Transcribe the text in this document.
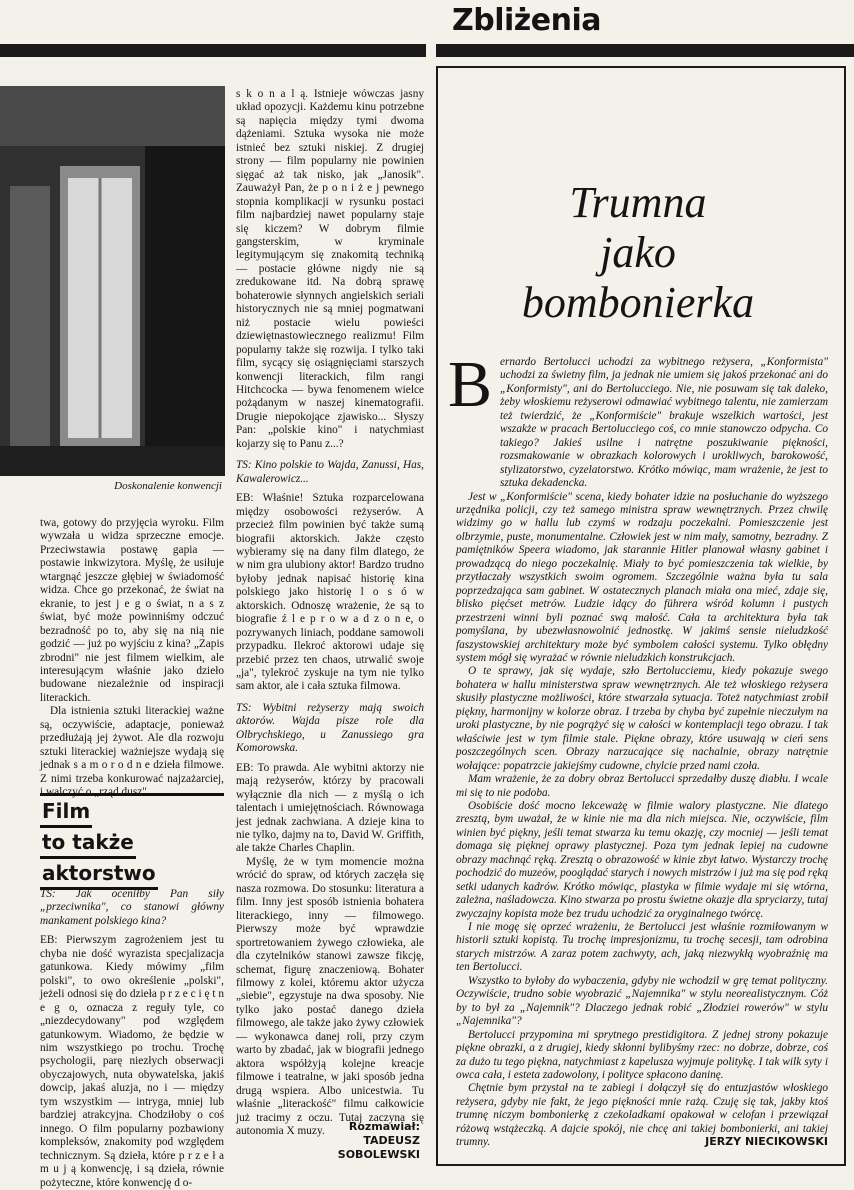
Zbliżenia
Doskonalenie konwencji

s k o n a l ą. Istnieje wówczas jasny układ opozycji. Każdemu kinu potrzebne są napięcia między tymi dwoma dążeniami. Sztuka wysoka nie może istnieć bez sztuki niskiej. Z drugiej strony — film popularny nie powinien sięgać aż tak nisko, jak „Janosik". Zauważył Pan, że p o n i ż e j pewnego stopnia komplikacji w rysunku postaci film najbardziej nawet popularny staje się kiczem? W dobrym filmie gangsterskim, w kryminale legitymującym się znakomitą techniką — postacie główne nigdy nie są zredukowane itd. Na dobrą sprawę bohaterowie słynnych angielskich seriali historycznych nie są mniej pogmatwani niż postacie wielu powieści dziewiętnastowiecznego realizmu! Film popularny także się rozwija. I tylko taki film, sycący się osiągnięciami starszych konwencji literackich, film rangi Hitchcocka — bywa fenomenem wielce pożądanym w naszej kinematografii. Drugie niepokojące zjawisko... Słyszy Pan: „polskie kino" i natychmiast kojarzy się to Panu z...?

TS: Kino polskie to Wajda, Zanussi, Has, Kawalerowicz...

EB: Właśnie! Sztuka rozparcelowana między osobowości reżyserów. A przecież film powinien być także sumą biografii aktorskich. Jakże często wybieramy się na dany film dlatego, że w nim gra ulubiony aktor! Bardzo trudno byłoby jednak napisać historię kina polskiego jako historię l o s ó w aktorskich. Odnoszę wrażenie, że są to biografie ź l e p r o w a d z o n e, o pozrywanych liniach, poddane samowoli przypadku. Ilekroć aktorowi udaje się przebić przez ten chaos, utrwalić swoje „ja", tylekroć zyskuje na tym nie tylko sam aktor, ale i cała sztuka filmowa.

TS: Wybitni reżyserzy mają swoich aktorów. Wajda pisze role dla Olbrychskiego, u Zanussiego gra Komorowska.

EB: To prawda. Ale wybitni aktorzy nie mają reżyserów, którzy by pracowali wyłącznie dla nich — z myślą o ich talentach i umiejętnościach. Równowaga jest jednak zachwiana. A dzieje kina to nie tylko, dajmy na to, David W. Griffith, ale także Charles Chaplin.

Myślę, że w tym momencie można wrócić do spraw, od których zaczęła się nasza rozmowa. Do stosunku: literatura a film. Inny jest sposób istnienia bohatera literackiego, inny — filmowego. Pierwszy może być wprawdzie sportretowaniem żywego człowieka, ale dla czytelników stanowi zawsze fikcję, schemat, figurę znaczeniową. Bohater filmowy z kolei, któremu aktor użycza „siebie", egzystuje na dwa sposoby. Nie tylko jako postać danego dzieła filmowego, ale także jako żywy człowiek — wykonawca danej roli, przy czym warto by zbadać, jak w biografii jednego aktora współżyją kolejne kreacje filmowe i teatralne, w jaki sposób jedna drugą wspiera. Albo unicestwia. Tu właśnie „literackość" filmu całkowicie już tracimy z oczu. Tutaj zaczyna się autonomia X muzy.	Rozmawiał:
TADEUSZ
SOBOLEWSKI

twa, gotowy do przyjęcia wyroku. Film wywzała u widza sprzeczne emocje. Przeciwstawia postawę gapia — postawie inkwizytora. Myślę, że usiłuje wtargnąć jeszcze głębiej w świadomość widza. Chce go przekonać, że świat na ekranie, to jest j e g o świat, n a s z świat, być może powinniśmy odczuć bezradność po to, aby się na nią nie godzić — już po wyjściu z kina? „Zapis zbrodni" nie jest filmem wielkim, ale interesującym właśnie jako dzieło budowane niezależnie od inspiracji literackich.

Dla istnienia sztuki literackiej ważne są, oczywiście, adaptacje, ponieważ przedłużają jej żywot. Ale dla rozwoju sztuki literackiej ważniejsze wydają się jednak s a m o r o d n e dzieła filmowe. Z nimi trzeba konkurować najzażarciej,

Film
to także
aktorstwo

TS: Jak oceniłby Pan siły „przeciwnika", co stanowi główny mankament polskiego kina?

EB: Pierwszym zagrożeniem jest tu chyba nie dość wyrazista specjalizacja gatunkowa. Kiedy mówimy „film polski", to owo określenie „polski", jeżeli odnosi się do dzieła p r z e c i ę t n e g o, oznacza z reguły tyle, co „niezdecydowany" pod względem gatunkowym. Wiadomo, że będzie w nim wszystkiego po trochu. Trochę psychologii, parę niezłych obserwacji obyczajowych, nuta obywatelska, jakiś dowcip, jakaś aluzja, no i — między tym wszystkim — intryga, mniej lub bardziej atrakcyjna. Chodziłoby o coś innego. O film popularny pozbawiony kompleksów, znakomity pod względem technicznym. Są dzieła, które p r z e ł a m u j ą konwencję, i są dzieła, równie pożyteczne, które konwencję d o-

Trumna
jako
bombonierka
B ernardo Bertolucci uchodzi za wybitnego reżysera, „Konformista" uchodzi za świetny film, ja jednak nie umiem się jakoś przekonać ani do „Konformisty", ani do Bertolucciego. Nie, nie posuwam się tak daleko, żeby włoskiemu reżyserowi odmawiać wybitnego talentu, nie zamierzam też twierdzić, że „Konformiście" brakuje wszelkich wartości, jest wszakże w pracach Bertolucciego coś, co mnie stanowczo odpycha. Co takiego? Jakieś usilne i natrętne poszukiwanie piękności, rozsmakowanie w obrazkach kolorowych i urokliwych, barokowość, stylizatorstwo, cyzelatorstwo. Krótko mówiąc, mam wrażenie, że jest to sztuka dekadencka.

Jest w „Konformiście" scena, kiedy bohater idzie na posłuchanie do wyższego urzędnika policji, czy też samego ministra spraw wewnętrznych. Przez chwilę widzimy go w hallu lub czymś w rodzaju poczekalni. Pomieszczenie jest olbrzymie, puste, monumentalne. Człowiek jest w nim mały, samotny, bezradny. Z pamiętników Speera wiadomo, jak starannie Hitler planował własny gabinet i prowadzącą do niego poczekalnię. Miały to być pomieszczenia tak wielkie, by przytłaczały wszystkich swoim ogromem. Szczególnie ważna była tu sala poprzedzająca sam gabinet. W ostatecznych planach miała ona mieć, zdaje się, blisko pięćset metrów. Ludzie idący do führera wśród kolumn i pustych przestrzeni winni byli poznać swą małość. Cała ta architektura była tak pomyślana, by ubezwłasnowolnić jednostkę. W jakimś sensie nieludzkość faszystowskiej architektury może być symbolem całości systemu. Tylko obłędny system mógł się wyrażać w równie nieludzkich konstrukcjach.

O te sprawy, jak się wydaje, szło Bertolucciemu, kiedy pokazuje swego bohatera w hallu ministerstwa spraw wewnętrznych. Ale też włoskiego reżysera skusiły plastyczne możliwości, które stwarzała sytuacja. Toteż natychmiast zrobił piękny, harmonijny w kolorze obraz. I trzeba by chyba być zupełnie nieczułym na uroki plastyczne, by nie pogrążyć się w całości w kontemplacji tego obrazu. I tak właściwie jest w tym filmie stale. Piękne obrazy, które usuwają w cień sens poszczególnych scen. Obrazy narzucające się nachalnie, obrazy natrętnie wołające: popatrzcie jakiejśmy cudowne, chylcie przed nami czoła.

Mam wrażenie, że za dobry obraz Bertolucci sprzedałby duszę diabłu. I wcale mi się to nie podoba.

Osobiście dość mocno lekceważę w filmie walory plastyczne. Nie dlatego zresztą, bym uważał, że w kinie nie ma dla nich miejsca. Nie, oczywiście, film winien być piękny, jeśli temat stwarza ku temu okazję, czy mocniej — jeśli temat domaga się pięknej oprawy plastycznej. Poza tym jednak lepiej na cudowne obrazy machnąć ręką. Zresztą o obrazowość w kinie zbyt łatwo. Wystarczy trochę pochodzić do muzeów, pooglądać starych i nowych mistrzów i już ma się pod ręką setki udanych kadrów. Krótko mówiąc, plastyka w filmie wydaje mi się wtórna, zależna, naśladowcza. Kino stwarza po prostu świetne okazje dla spryciarzy, tutaj zwyczajny kopista może bez trudu uchodzić za oryginalnego twórcę.

I nie mogę się oprzeć wrażeniu, że Bertolucci jest właśnie rozmiłowanym w historii sztuki kopistą. Tu trochę impresjonizmu, tu trochę secesji, tam odrobina starych mistrzów. A zaraz potem zachwyty, ach, jaką niezwykłą wyobraźnię ma ten Bertolucci.

Wszystko to byłoby do wybaczenia, gdyby nie wchodzil w grę temat polityczny. Oczywiście, trudno sobie wyobrazić „Najemnika" w stylu neorealistycznym. Cóż by to był za „Najemnik"? Dlaczego jednak robić „Złodziei rowerów" w stylu „Najemnika"?

Bertolucci przypomina mi sprytnego prestidigitora. Z jednej strony pokazuje piękne obrazki, a z drugiej, kiedy skłonni bylibyśmy rzec: no dobrze, dobrze, coś za dużo tu tego piękna, natychmiast z kapelusza wyjmuje politykę. I tak wilk syty i owca cała, i esteta zadowolony, i polityce spłacono daninę.

Chętnie bym przystał na te zabiegi i dołączył się do entuzjastów włoskiego reżysera, gdyby nie fakt, że jego piękności mnie rażą. Czuję się tak, jakby ktoś trumnę niczym bombonierkę z czekoladkami opakował w celofan i przewiązał różową wstążeczką. A dajcie spokój, nie chcę ani takiej bombonierki, ani takiej trumny.	JERZY NIECIKOWSKI
